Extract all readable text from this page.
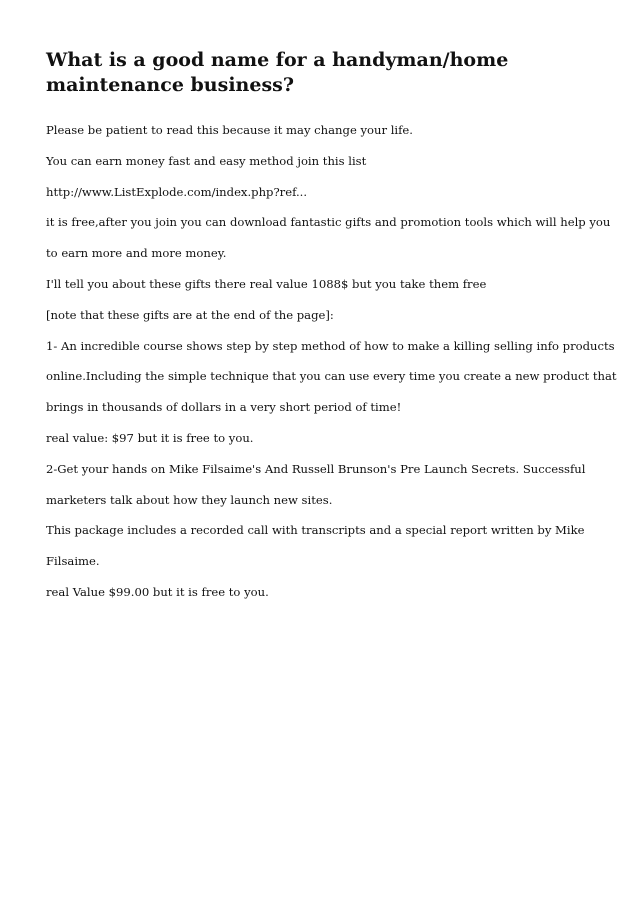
What is a good name for a handyman/home maintenance business?

Please be patient to read this because it may change your life.

You can earn money fast and easy method join this list

http://www.ListExplode.com/index.php?ref...

it is free,after you join you can download fantastic gifts and promotion tools which will help you

to earn more and more money.

I'll tell you about these gifts there real value 1088$ but you take them free

[note that these gifts are at the end of the page]:

1- An incredible course shows step by step method of how to make a killing selling info products

online.Including the simple technique that you can use every time you create a new product that

brings in thousands of dollars in a very short period of time!

real value: $97 but it is free to you.

2-Get your hands on Mike Filsaime's And Russell Brunson's Pre Launch Secrets. Successful

marketers talk about how they launch new sites.

This package includes a recorded call with transcripts and a special report written by Mike

Filsaime.

real Value $99.00 but it is free to you.
